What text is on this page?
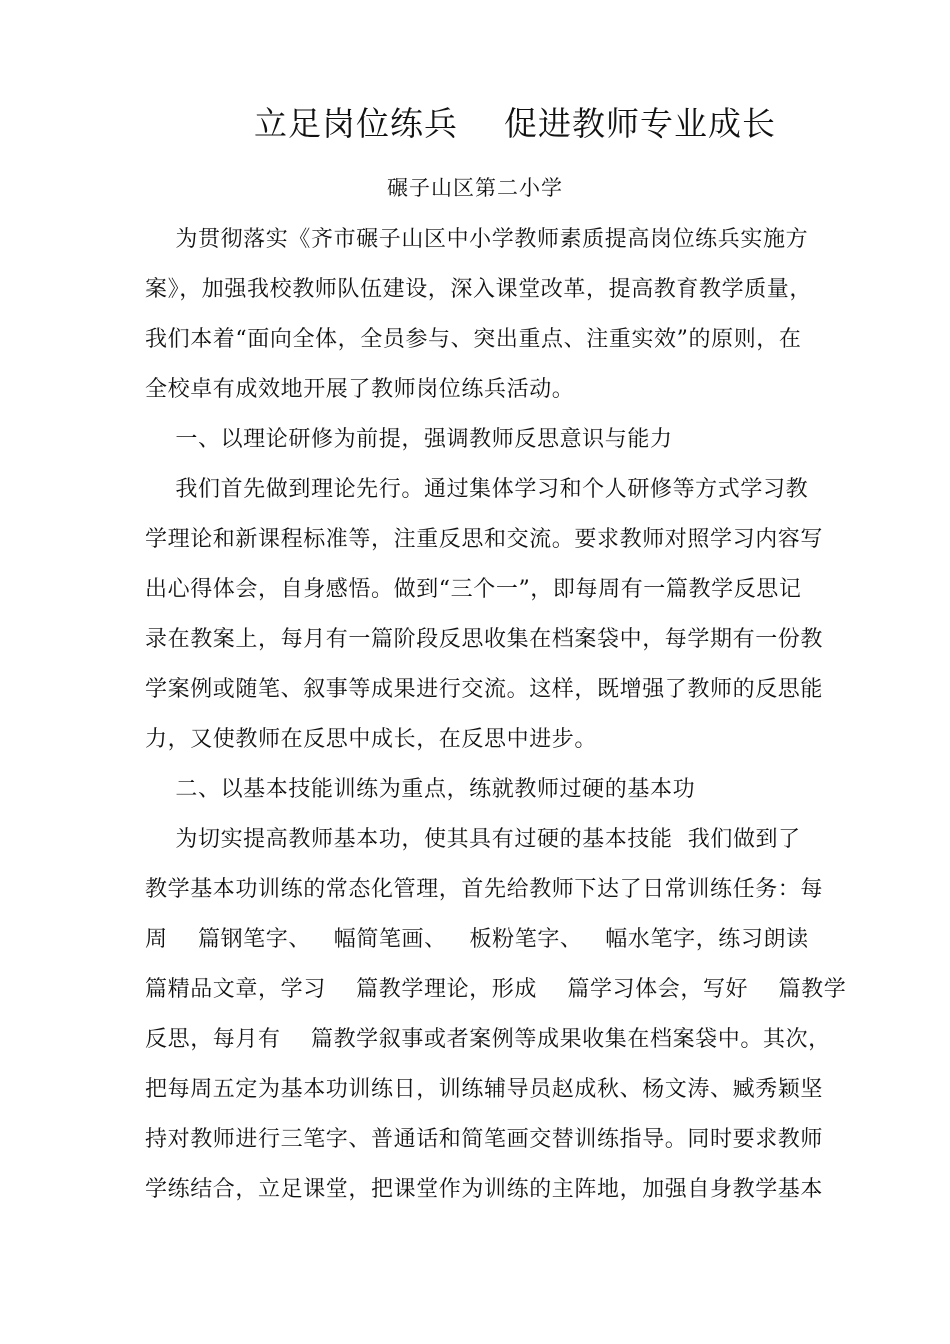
立足岗位练兵    促进教师专业成长
碾子山区第二小学
为贯彻落实《齐市碾子山区中小学教师素质提高岗位练兵实施方
案》，加强我校教师队伍建设，深入课堂改革，提高教育教学质量，
我们本着“面向全体，全员参与、突出重点、注重实效”的原则，在
全校卓有成效地开展了教师岗位练兵活动。
一、以理论研修为前提，强调教师反思意识与能力
我们首先做到理论先行。通过集体学习和个人研修等方式学习教
学理论和新课程标准等，注重反思和交流。要求教师对照学习内容写
出心得体会，自身感悟。做到“三个一”，即每周有一篇教学反思记
录在教案上，每月有一篇阶段反思收集在档案袋中，每学期有一份教
学案例或随笔、叙事等成果进行交流。这样，既增强了教师的反思能
力，又使教师在反思中成长，在反思中进步。
二、以基本技能训练为重点，练就教师过硬的基本功
为切实提高教师基本功，使其具有过硬的基本技能  我们做到了
教学基本功训练的常态化管理，首先给教师下达了日常训练任务：每
周    篇钢笔字、   幅简笔画、   板粉笔字、   幅水笔字，练习朗读
篇精品文章，学习    篇教学理论，形成    篇学习体会，写好    篇教学
反思，每月有    篇教学叙事或者案例等成果收集在档案袋中。其次，
把每周五定为基本功训练日，训练辅导员赵成秋、杨文涛、臧秀颖坚
持对教师进行三笔字、普通话和简笔画交替训练指导。同时要求教师
学练结合，立足课堂，把课堂作为训练的主阵地，加强自身教学基本
